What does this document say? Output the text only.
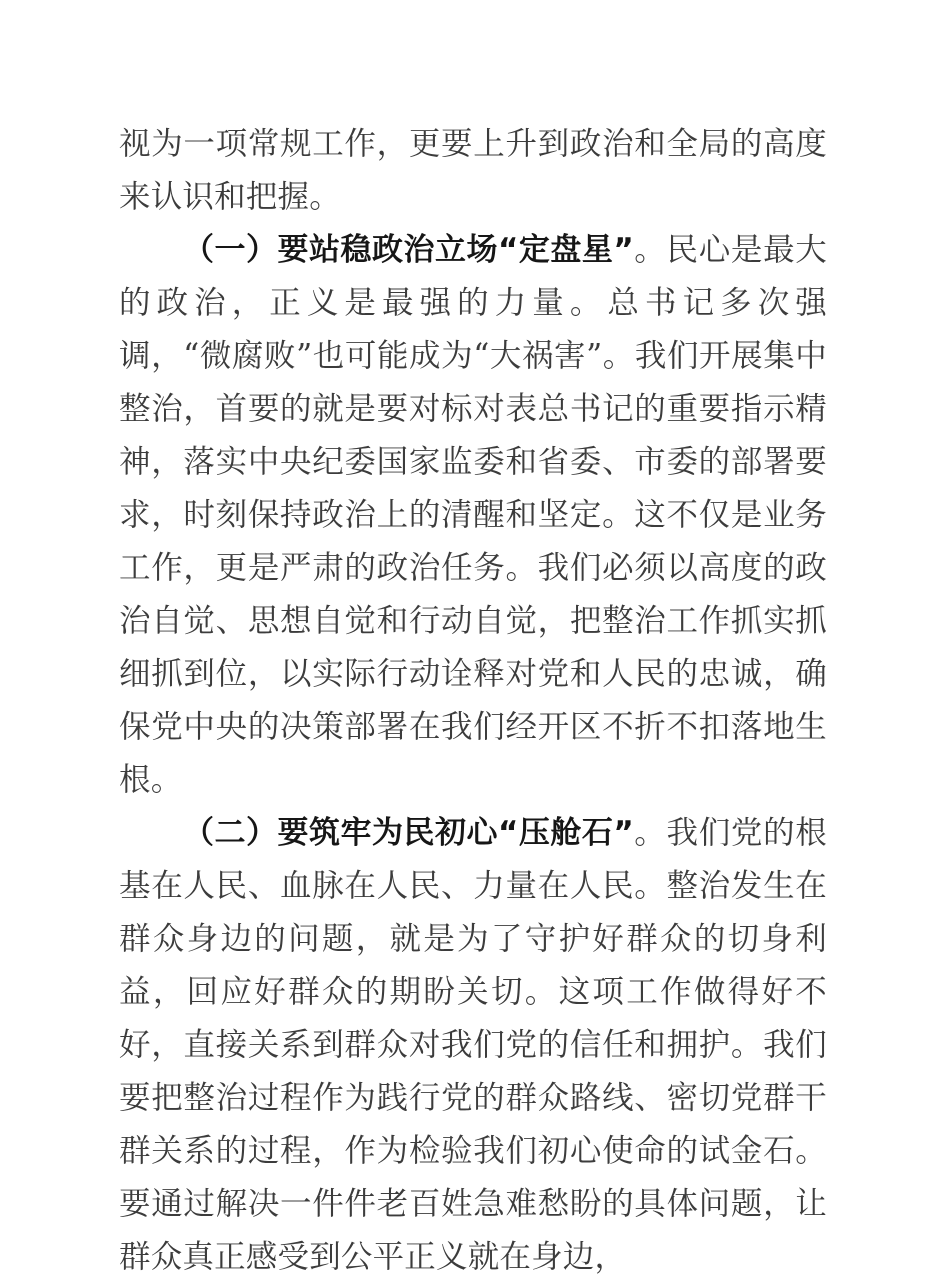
视为一项常规工作，更要上升到政治和全局的高度来认识和把握。

（一）要站稳政治立场“定盘星”。民心是最大的政治，正义是最强的力量。总书记多次强调，“微腐败”也可能成为“大祸害”。我们开展集中整治，首要的就是要对标对表总书记的重要指示精神，落实中央纪委国家监委和省委、市委的部署要求，时刻保持政治上的清醒和坚定。这不仅是业务工作，更是严肃的政治任务。我们必须以高度的政治自觉、思想自觉和行动自觉，把整治工作抓实抓细抓到位，以实际行动诠释对党和人民的忠诚，确保党中央的决策部署在我们经开区不折不扣落地生根。

（二）要筑牢为民初心“压舱石”。我们党的根基在人民、血脉在人民、力量在人民。整治发生在群众身边的问题，就是为了守护好群众的切身利益，回应好群众的期盼关切。这项工作做得好不好，直接关系到群众对我们党的信任和拥护。我们要把整治过程作为践行党的群众路线、密切党群干群关系的过程，作为检验我们初心使命的试金石。要通过解决一件件老百姓急难愁盼的具体问题，让群众真正感受到公平正义就在身边，
